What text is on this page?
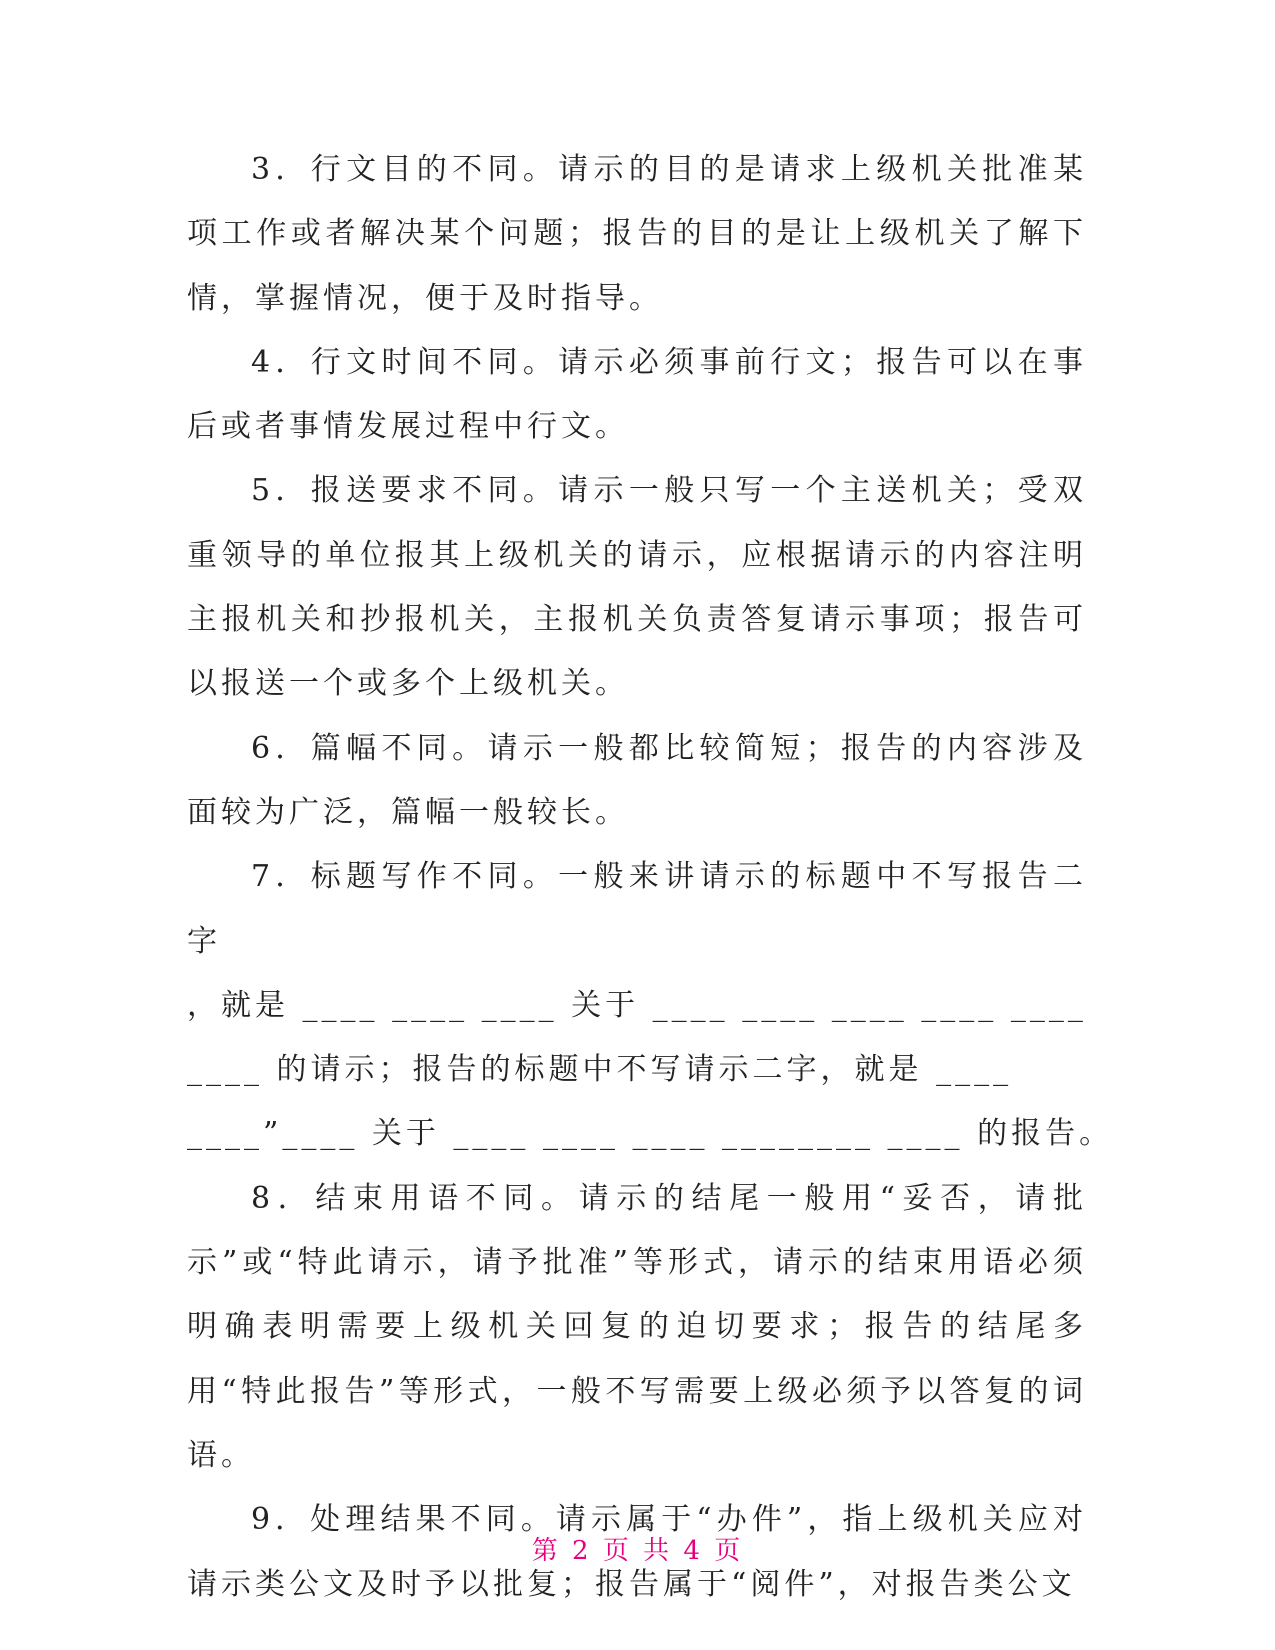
3．行文目的不同。请示的目的是请求上级机关批准某项工作或者解决某个问题；报告的目的是让上级机关了解下情，掌握情况，便于及时指导。

4．行文时间不同。请示必须事前行文；报告可以在事后或者事情发展过程中行文。

5．报送要求不同。请示一般只写一个主送机关；受双重领导的单位报其上级机关的请示，应根据请示的内容注明主报机关和抄报机关，主报机关负责答复请示事项；报告可以报送一个或多个上级机关。

6．篇幅不同。请示一般都比较简短；报告的内容涉及面较为广泛，篇幅一般较长。

7．标题写作不同。一般来讲请示的标题中不写报告二字

，就是 ____ ____ ____ 关于 ____ ____ ____ ____ ____

____ 的请示；报告的标题中不写请示二字，就是 ____

____”____ 关于 ____ ____ ____ ________ ____ 的报告。

8．结束用语不同。请示的结尾一般用“妥否，请批示”或“特此请示，请予批准”等形式，请示的结束用语必须明确表明需要上级机关回复的迫切要求；报告的结尾多用“特此报告”等形式，一般不写需要上级必须予以答复的词语。

9．处理结果不同。请示属于“办件”，指上级机关应对请示类公文及时予以批复；报告属于“阅件”，对报告类公文

第 2 页 共 4 页
